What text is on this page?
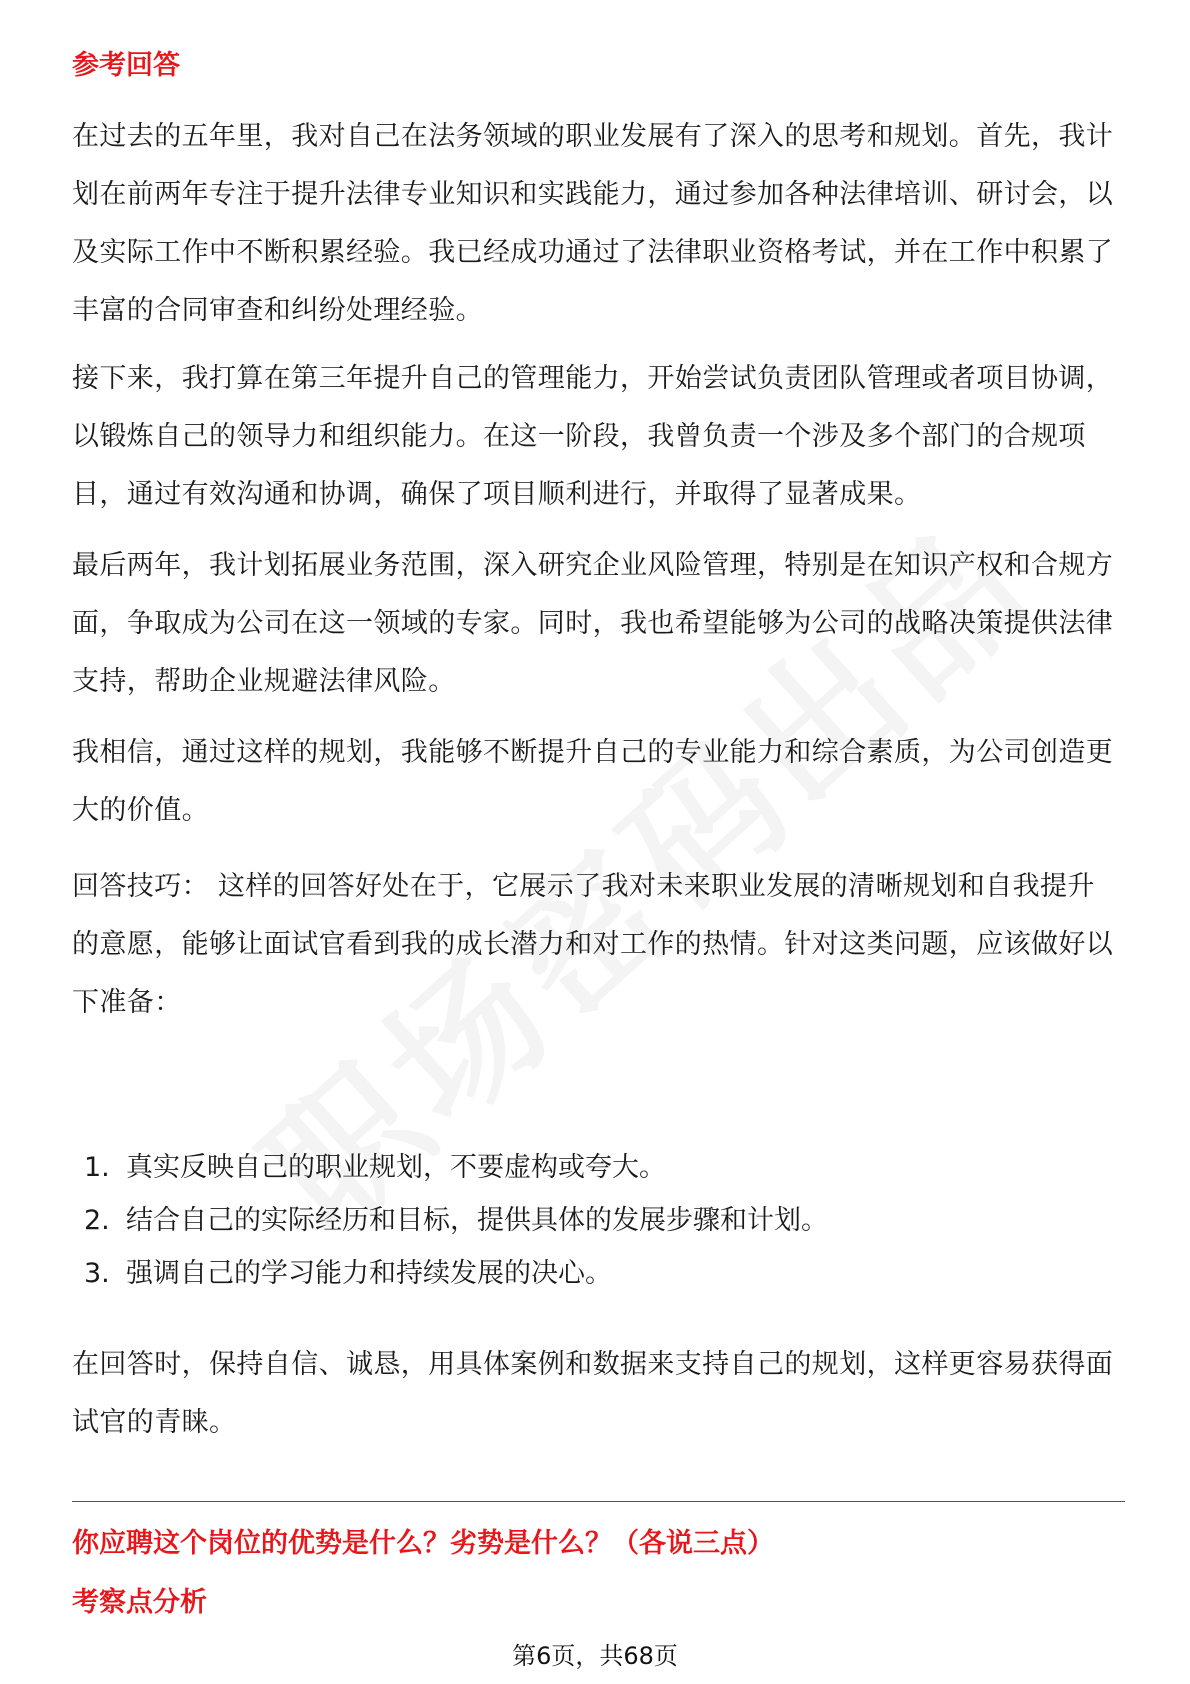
参考回答
在过去的五年里，我对自己在法务领域的职业发展有了深入的思考和规划。首先，我计划在前两年专注于提升法律专业知识和实践能力，通过参加各种法律培训、研讨会，以及实际工作中不断积累经验。我已经成功通过了法律职业资格考试，并在工作中积累了丰富的合同审查和纠纷处理经验。
接下来，我打算在第三年提升自己的管理能力，开始尝试负责团队管理或者项目协调，以锻炼自己的领导力和组织能力。在这一阶段，我曾负责一个涉及多个部门的合规项目，通过有效沟通和协调，确保了项目顺利进行，并取得了显著成果。
最后两年，我计划拓展业务范围，深入研究企业风险管理，特别是在知识产权和合规方面，争取成为公司在这一领域的专家。同时，我也希望能够为公司的战略决策提供法律支持，帮助企业规避法律风险。
我相信，通过这样的规划，我能够不断提升自己的专业能力和综合素质，为公司创造更大的价值。
回答技巧： 这样的回答好处在于，它展示了我对未来职业发展的清晰规划和自我提升的意愿，能够让面试官看到我的成长潜力和对工作的热情。针对这类问题，应该做好以下准备：
1. 真实反映自己的职业规划，不要虚构或夸大。
2. 结合自己的实际经历和目标，提供具体的发展步骤和计划。
3. 强调自己的学习能力和持续发展的决心。
在回答时，保持自信、诚恳，用具体案例和数据来支持自己的规划，这样更容易获得面试官的青睐。
你应聘这个岗位的优势是什么？劣势是什么？（各说三点）
考察点分析
第6页，共68页
